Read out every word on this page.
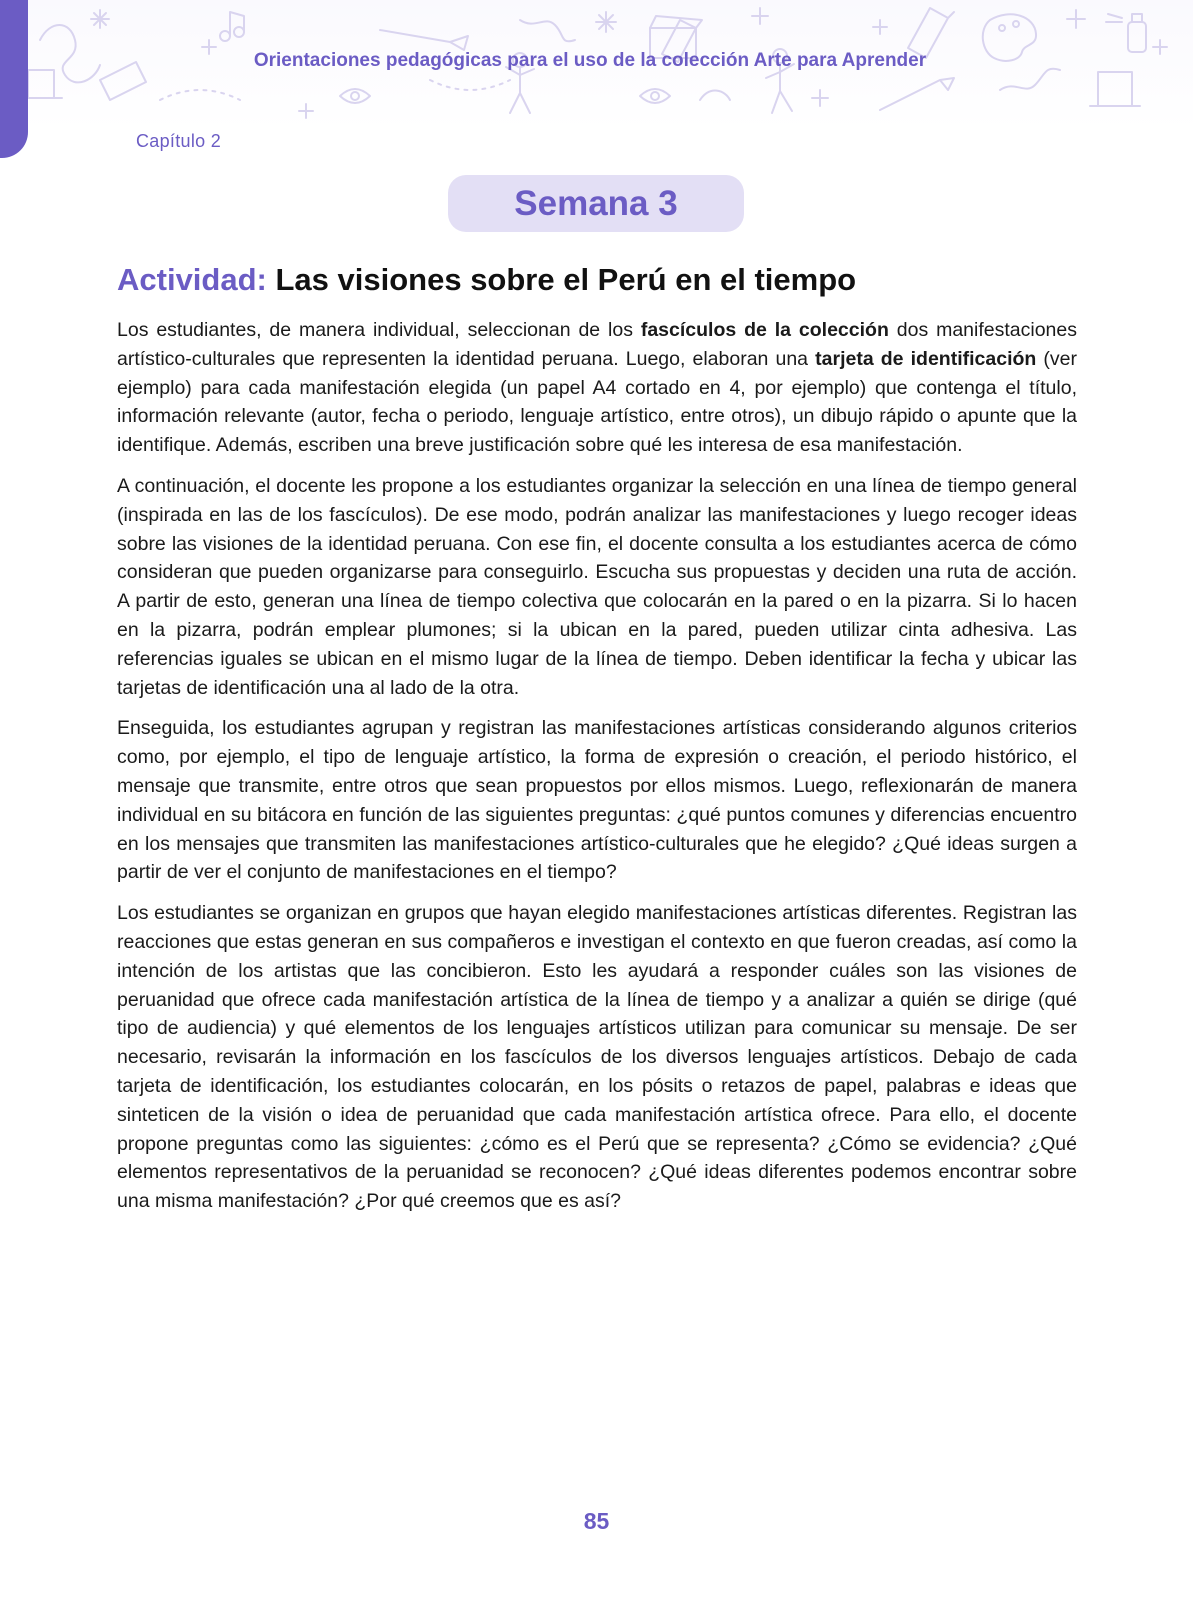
Orientaciones pedagógicas para el uso de la colección Arte para Aprender
Capítulo 2
Semana 3
Actividad: Las visiones sobre el Perú en el tiempo

Los estudiantes, de manera individual, seleccionan de los fascículos de la colección dos manifestaciones artístico-culturales que representen la identidad peruana. Luego, elaboran una tarjeta de identificación (ver ejemplo) para cada manifestación elegida (un papel A4 cortado en 4, por ejemplo) que contenga el título, información relevante (autor, fecha o periodo, lenguaje artístico, entre otros), un dibujo rápido o apunte que la identifique. Además, escriben una breve justificación sobre qué les interesa de esa manifestación.

A continuación, el docente les propone a los estudiantes organizar la selección en una línea de tiempo general (inspirada en las de los fascículos). De ese modo, podrán analizar las manifestaciones y luego recoger ideas sobre las visiones de la identidad peruana. Con ese fin, el docente consulta a los estudiantes acerca de cómo consideran que pueden organizarse para conseguirlo. Escucha sus propuestas y deciden una ruta de acción. A partir de esto, generan una línea de tiempo colectiva que colocarán en la pared o en la pizarra. Si lo hacen en la pizarra, podrán emplear plumones; si la ubican en la pared, pueden utilizar cinta adhesiva. Las referencias iguales se ubican en el mismo lugar de la línea de tiempo. Deben identificar la fecha y ubicar las tarjetas de identificación una al lado de la otra.

Enseguida, los estudiantes agrupan y registran las manifestaciones artísticas considerando algunos criterios como, por ejemplo, el tipo de lenguaje artístico, la forma de expresión o creación, el periodo histórico, el mensaje que transmite, entre otros que sean propuestos por ellos mismos. Luego, reflexionarán de manera individual en su bitácora en función de las siguientes preguntas: ¿qué puntos comunes y diferencias encuentro en los mensajes que transmiten las manifestaciones artístico-culturales que he elegido? ¿Qué ideas surgen a partir de ver el conjunto de manifestaciones en el tiempo?

Los estudiantes se organizan en grupos que hayan elegido manifestaciones artísticas diferentes. Registran las reacciones que estas generan en sus compañeros e investigan el contexto en que fueron creadas, así como la intención de los artistas que las concibieron. Esto les ayudará a responder cuáles son las visiones de peruanidad que ofrece cada manifestación artística de la línea de tiempo y a analizar a quién se dirige (qué tipo de audiencia) y qué elementos de los lenguajes artísticos utilizan para comunicar su mensaje. De ser necesario, revisarán la información en los fascículos de los diversos lenguajes artísticos. Debajo de cada tarjeta de identificación, los estudiantes colocarán, en los pósits o retazos de papel, palabras e ideas que sinteticen de la visión o idea de peruanidad que cada manifestación artística ofrece. Para ello, el docente propone preguntas como las siguientes: ¿cómo es el Perú que se representa? ¿Cómo se evidencia? ¿Qué elementos representativos de la peruanidad se reconocen? ¿Qué ideas diferentes podemos encontrar sobre una misma manifestación? ¿Por qué creemos que es así?

85
